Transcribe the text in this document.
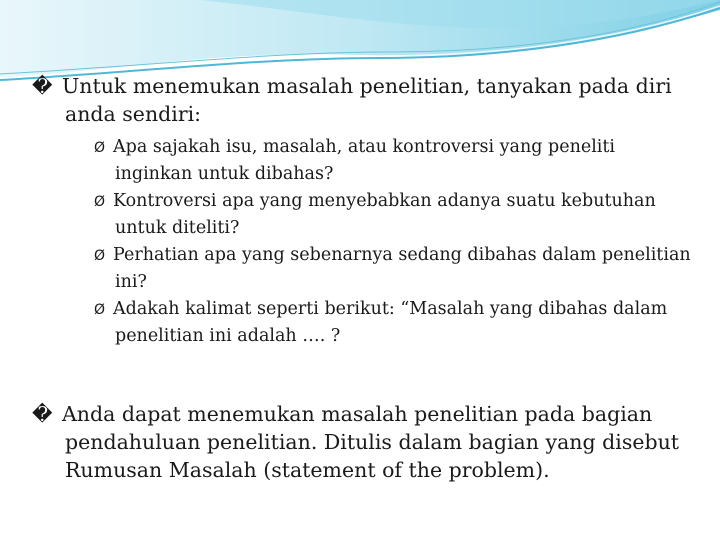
� Untuk menemukan masalah penelitian, tanyakan pada diri anda sendiri:
Ø Apa sajakah isu, masalah, atau kontroversi yang peneliti inginkan untuk dibahas?
Ø Kontroversi apa yang menyebabkan adanya suatu kebutuhan untuk diteliti?
Ø Perhatian apa yang sebenarnya sedang dibahas dalam penelitian ini?
Ø Adakah kalimat seperti berikut: “Masalah yang dibahas dalam penelitian ini adalah …. ?
� Anda dapat menemukan masalah penelitian pada bagian pendahuluan penelitian. Ditulis dalam bagian yang disebut Rumusan Masalah (statement of the problem).
